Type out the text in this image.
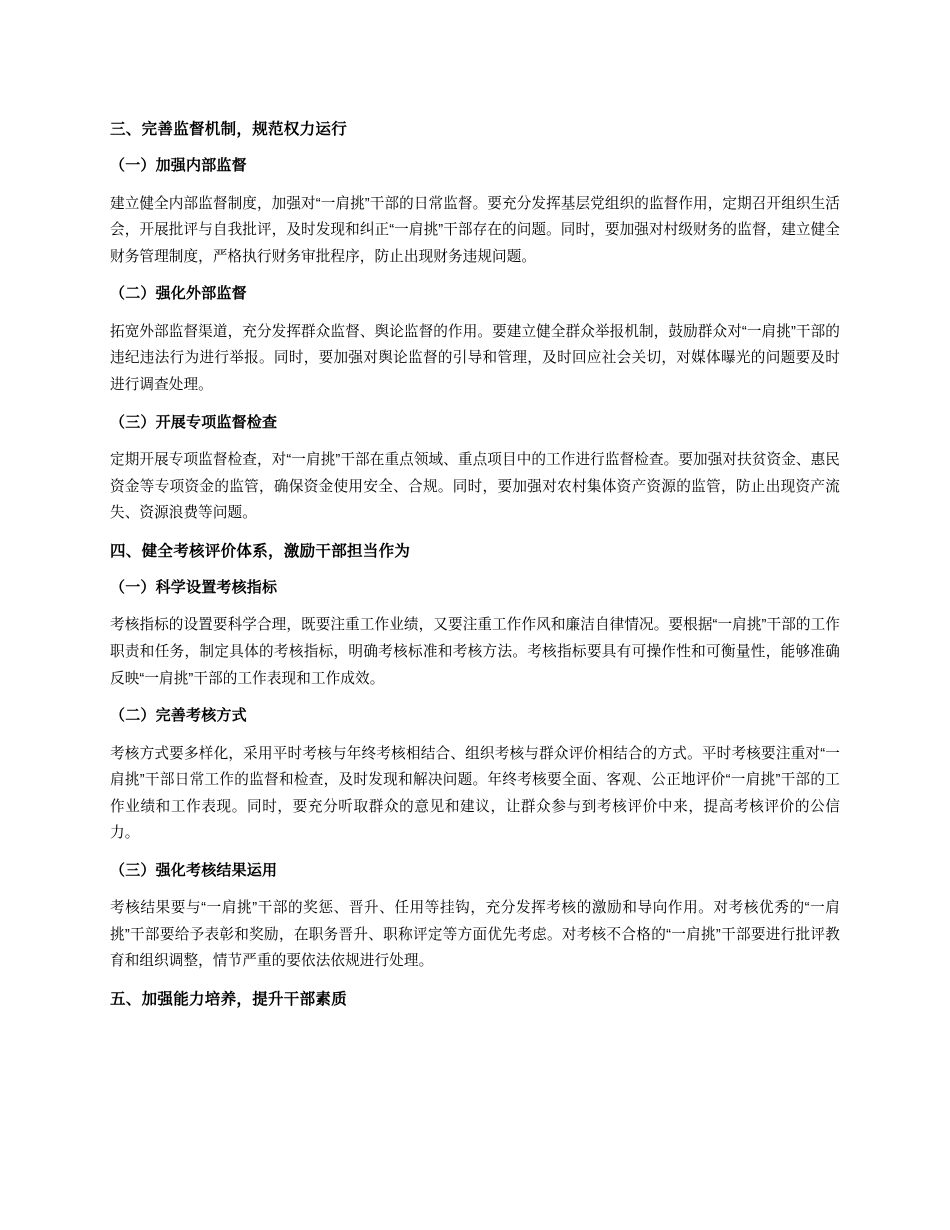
三、完善监督机制，规范权力运行

（一）加强内部监督

建立健全内部监督制度，加强对“一肩挑”干部的日常监督。要充分发挥基层党组织的监督作用，定期召开组织生活会，开展批评与自我批评，及时发现和纠正“一肩挑”干部存在的问题。同时，要加强对村级财务的监督，建立健全财务管理制度，严格执行财务审批程序，防止出现财务违规问题。

（二）强化外部监督

拓宽外部监督渠道，充分发挥群众监督、舆论监督的作用。要建立健全群众举报机制，鼓励群众对“一肩挑”干部的违纪违法行为进行举报。同时，要加强对舆论监督的引导和管理，及时回应社会关切，对媒体曝光的问题要及时进行调查处理。

（三）开展专项监督检查

定期开展专项监督检查，对“一肩挑”干部在重点领域、重点项目中的工作进行监督检查。要加强对扶贫资金、惠民资金等专项资金的监管，确保资金使用安全、合规。同时，要加强对农村集体资产资源的监管，防止出现资产流失、资源浪费等问题。

四、健全考核评价体系，激励干部担当作为

（一）科学设置考核指标

考核指标的设置要科学合理，既要注重工作业绩，又要注重工作作风和廉洁自律情况。要根据“一肩挑”干部的工作职责和任务，制定具体的考核指标，明确考核标准和考核方法。考核指标要具有可操作性和可衡量性，能够准确反映“一肩挑”干部的工作表现和工作成效。

（二）完善考核方式

考核方式要多样化，采用平时考核与年终考核相结合、组织考核与群众评价相结合的方式。平时考核要注重对“一肩挑”干部日常工作的监督和检查，及时发现和解决问题。年终考核要全面、客观、公正地评价“一肩挑”干部的工作业绩和工作表现。同时，要充分听取群众的意见和建议，让群众参与到考核评价中来，提高考核评价的公信力。

（三）强化考核结果运用

考核结果要与“一肩挑”干部的奖惩、晋升、任用等挂钩，充分发挥考核的激励和导向作用。对考核优秀的“一肩挑”干部要给予表彰和奖励，在职务晋升、职称评定等方面优先考虑。对考核不合格的“一肩挑”干部要进行批评教育和组织调整，情节严重的要依法依规进行处理。

五、加强能力培养，提升干部素质
